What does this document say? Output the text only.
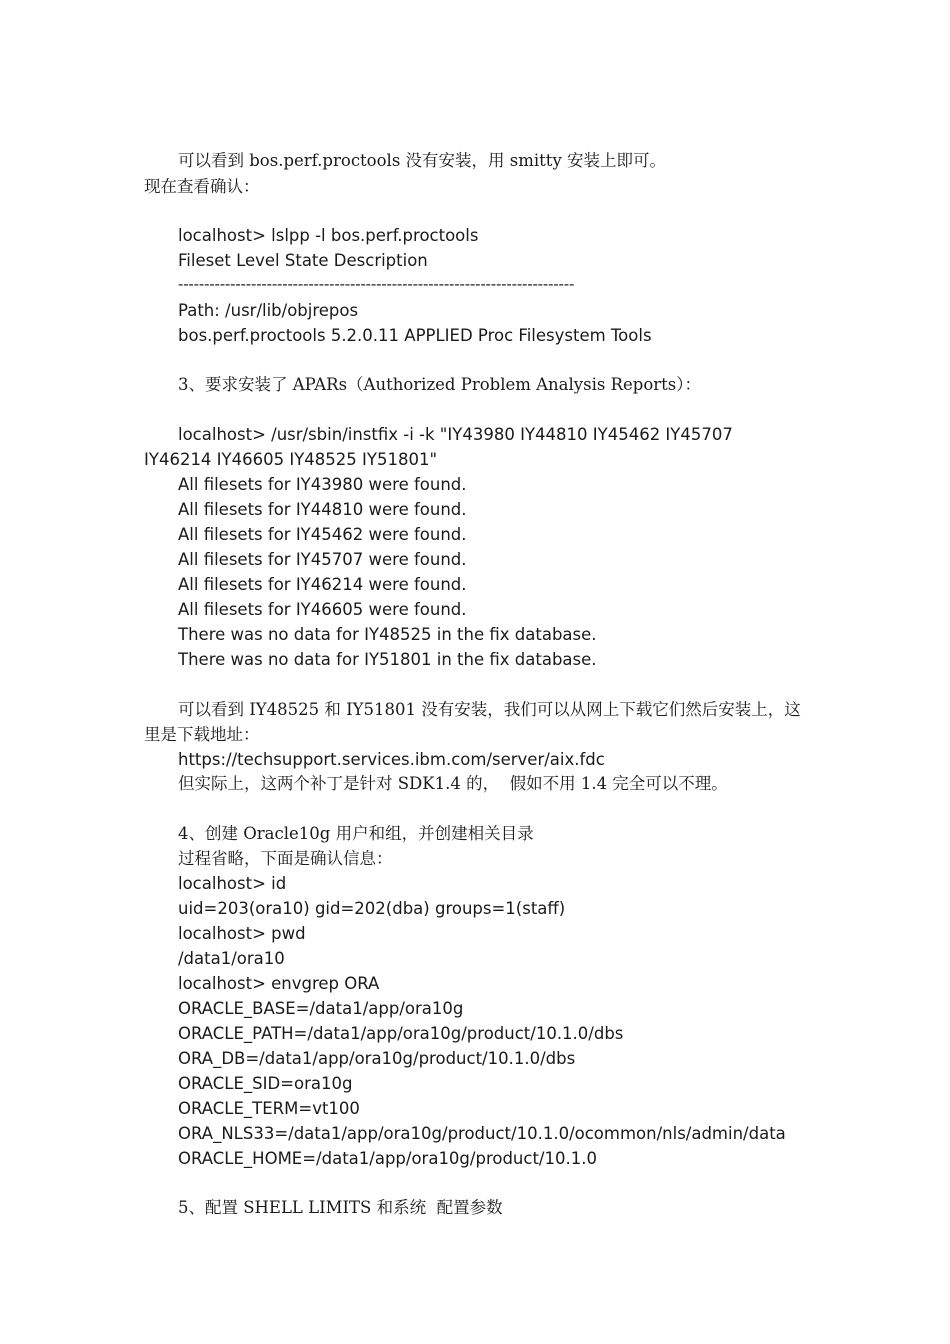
可以看到 bos.perf.proctools 没有安装，用 smitty 安装上即可。
现在查看确认：
localhost> lslpp -l bos.perf.proctools
Fileset Level State Description
----------------------------------------------------------------------------
Path: /usr/lib/objrepos
bos.perf.proctools 5.2.0.11 APPLIED Proc Filesystem Tools
3、要求安装了 APARs（Authorized Problem Analysis Reports）：
localhost> /usr/sbin/instfix -i -k "IY43980 IY44810 IY45462 IY45707
IY46214 IY46605 IY48525 IY51801"
All filesets for IY43980 were found.
All filesets for IY44810 were found.
All filesets for IY45462 were found.
All filesets for IY45707 were found.
All filesets for IY46214 were found.
All filesets for IY46605 were found.
There was no data for IY48525 in the fix database.
There was no data for IY51801 in the fix database.
可以看到 IY48525 和 IY51801 没有安装，我们可以从网上下载它们然后安装上，这
里是下载地址：
https://techsupport.services.ibm.com/server/aix.fdc
但实际上，这两个补丁是针对 SDK1.4 的，  假如不用 1.4 完全可以不理。
4、创建 Oracle10g 用户和组，并创建相关目录
过程省略，下面是确认信息：
localhost> id
uid=203(ora10) gid=202(dba) groups=1(staff)
localhost> pwd
/data1/ora10
localhost> envgrep ORA
ORACLE_BASE=/data1/app/ora10g
ORACLE_PATH=/data1/app/ora10g/product/10.1.0/dbs
ORA_DB=/data1/app/ora10g/product/10.1.0/dbs
ORACLE_SID=ora10g
ORACLE_TERM=vt100
ORA_NLS33=/data1/app/ora10g/product/10.1.0/ocommon/nls/admin/data
ORACLE_HOME=/data1/app/ora10g/product/10.1.0
5、配置 SHELL LIMITS 和系统  配置参数
